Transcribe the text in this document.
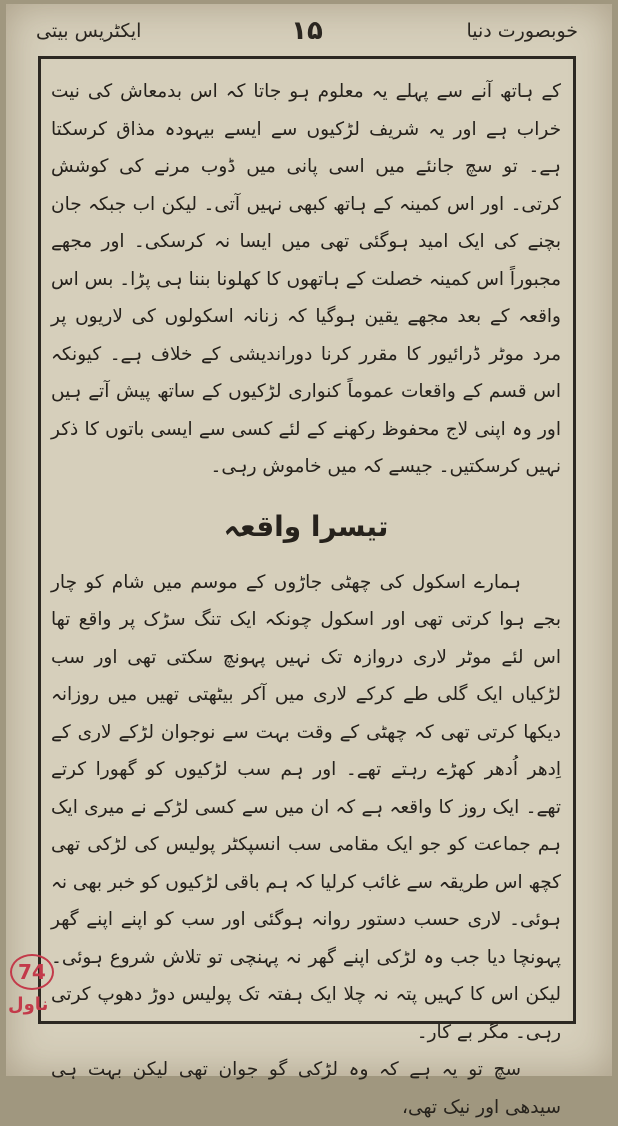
خوبصورت دنیا
۱۵
ایکٹریس بیتی

کے ہاتھ آنے سے پہلے یہ معلوم ہو جاتا کہ اس بدمعاش کی نیت خراب ہے اور یہ شریف لڑکیوں سے ایسے بیہودہ مذاق کرسکتا ہے۔ تو سچ جانئے میں اسی پانی میں ڈوب مرنے کی کوشش کرتی۔ اور اس کمینہ کے ہاتھ کبھی نہیں آتی۔ لیکن اب جبکہ جان بچنے کی ایک امید ہوگئی تھی میں ایسا نہ کرسکی۔ اور مجھے مجبوراً اس کمینہ خصلت کے ہاتھوں کا کھلونا بننا ہی پڑا۔ بس اس واقعہ کے بعد مجھے یقین ہوگیا کہ زنانہ اسکولوں کی لاریوں پر مرد موٹر ڈرائیور کا مقرر کرنا دوراندیشی کے خلاف ہے۔ کیونکہ اس قسم کے واقعات عموماً کنواری لڑکیوں کے ساتھ پیش آتے ہیں اور وہ اپنی لاج محفوظ رکھنے کے لئے کسی سے ایسی باتوں کا ذکر نہیں کرسکتیں۔ جیسے کہ میں خاموش رہی۔

تیسرا واقعہ

ہمارے اسکول کی چھٹی جاڑوں کے موسم میں شام کو چار بجے ہوا کرتی تھی اور اسکول چونکہ ایک تنگ سڑک پر واقع تھا اس لئے موٹر لاری دروازہ تک نہیں پہونچ سکتی تھی اور سب لڑکیاں ایک گلی طے کرکے لاری میں آکر بیٹھتی تھیں میں روزانہ دیکھا کرتی تھی کہ چھٹی کے وقت بہت سے نوجوان لڑکے لاری کے اِدھر اُدھر کھڑے رہتے تھے۔ اور ہم سب لڑکیوں کو گھورا کرتے تھے۔ ایک روز کا واقعہ ہے کہ ان میں سے کسی لڑکے نے میری ایک ہم جماعت کو جو ایک مقامی سب انسپکٹر پولیس کی لڑکی تھی کچھ اس طریقہ سے غائب کرلیا کہ ہم باقی لڑکیوں کو خبر بھی نہ ہوئی۔ لاری حسب دستور روانہ ہوگئی اور سب کو اپنے اپنے گھر پہونچا دیا جب وہ لڑکی اپنے گھر نہ پہنچی تو تلاش شروع ہوئی۔ لیکن اس کا کہیں پتہ نہ چلا ایک ہفتہ تک پولیس دوڑ دھوپ کرتی رہی۔ مگر بے کار۔

سچ تو یہ ہے کہ وہ لڑکی گو جوان تھی لیکن بہت ہی سیدھی اور نیک تھی،

74
ناول
